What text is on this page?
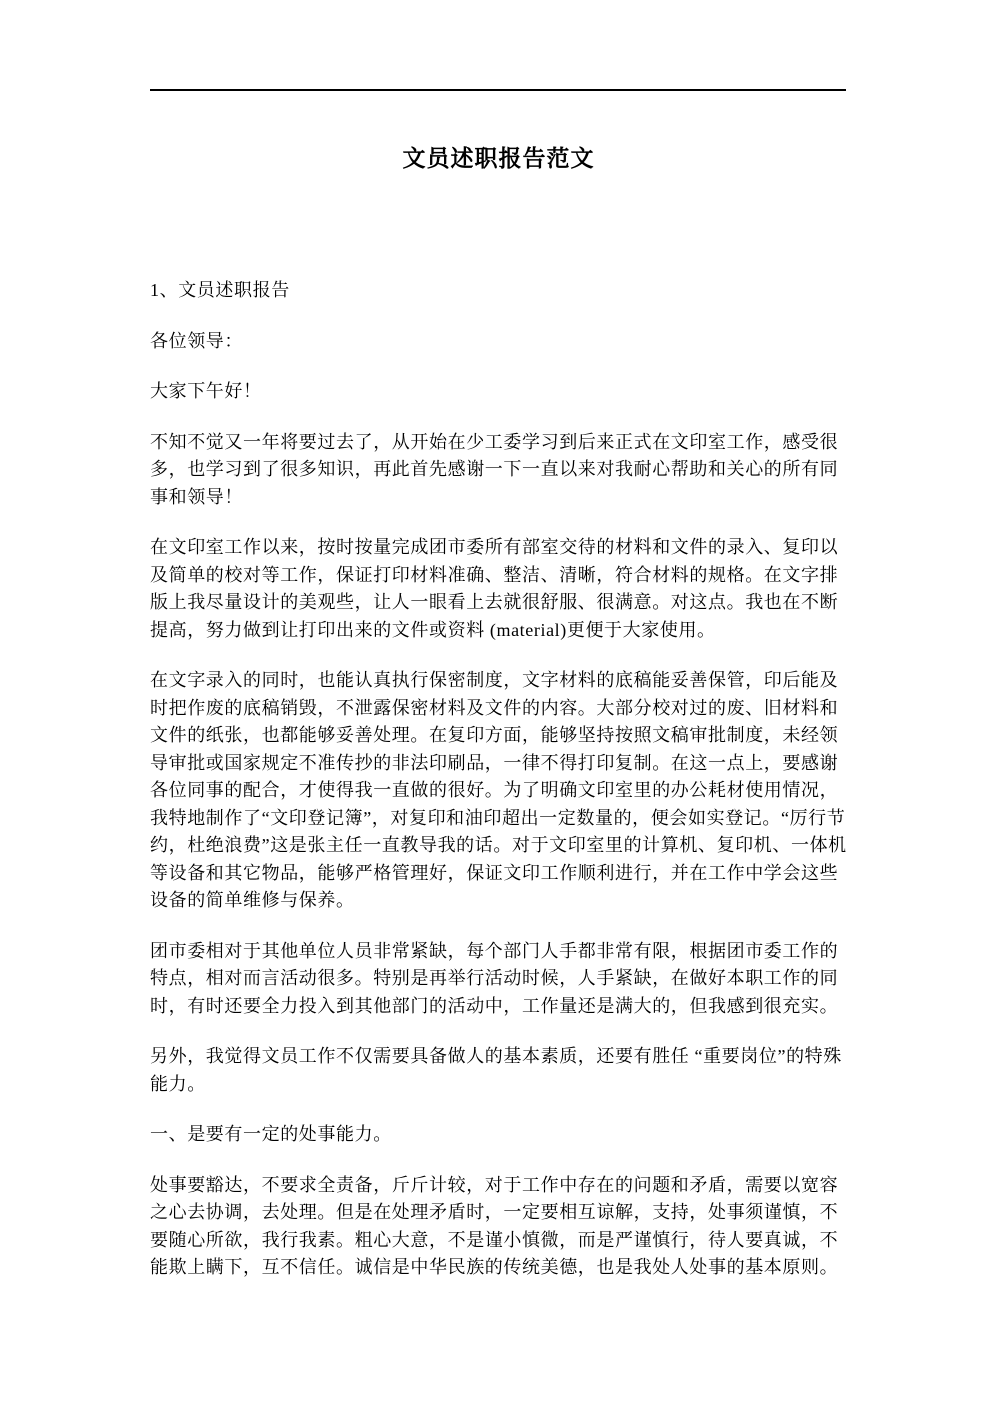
文员述职报告范文

1、文员述职报告

各位领导：

大家下午好！

不知不觉又一年将要过去了，从开始在少工委学习到后来正式在文印室工作，感受很多，也学习到了很多知识，再此首先感谢一下一直以来对我耐心帮助和关心的所有同事和领导！

在文印室工作以来，按时按量完成团市委所有部室交待的材料和文件的录入、复印以及简单的校对等工作，保证打印材料准确、整洁、清晰，符合材料的规格。在文字排版上我尽量设计的美观些，让人一眼看上去就很舒服、很满意。对这点。我也在不断提高，努力做到让打印出来的文件或资料 (material)更便于大家使用。

在文字录入的同时，也能认真执行保密制度，文字材料的底稿能妥善保管，印后能及时把作废的底稿销毁，不泄露保密材料及文件的内容。大部分校对过的废、旧材料和文件的纸张，也都能够妥善处理。在复印方面，能够坚持按照文稿审批制度，未经领导审批或国家规定不准传抄的非法印刷品，一律不得打印复制。在这一点上，要感谢各位同事的配合，才使得我一直做的很好。为了明确文印室里的办公耗材使用情况，我特地制作了“文印登记簿”，对复印和油印超出一定数量的，便会如实登记。“厉行节约，杜绝浪费”这是张主任一直教导我的话。对于文印室里的计算机、复印机、一体机等设备和其它物品，能够严格管理好，保证文印工作顺利进行，并在工作中学会这些设备的简单维修与保养。

团市委相对于其他单位人员非常紧缺，每个部门人手都非常有限，根据团市委工作的特点，相对而言活动很多。特别是再举行活动时候，人手紧缺，在做好本职工作的同时，有时还要全力投入到其他部门的活动中，工作量还是满大的，但我感到很充实。

另外，我觉得文员工作不仅需要具备做人的基本素质，还要有胜任 “重要岗位”的特殊能力。

一、是要有一定的处事能力。

处事要豁达，不要求全责备，斤斤计较，对于工作中存在的问题和矛盾，需要以宽容之心去协调，去处理。但是在处理矛盾时，一定要相互谅解，支持，处事须谨慎，不要随心所欲，我行我素。粗心大意，不是谨小慎微，而是严谨慎行，待人要真诚，不能欺上瞒下，互不信任。诚信是中华民族的传统美德，也是我处人处事的基本原则。
